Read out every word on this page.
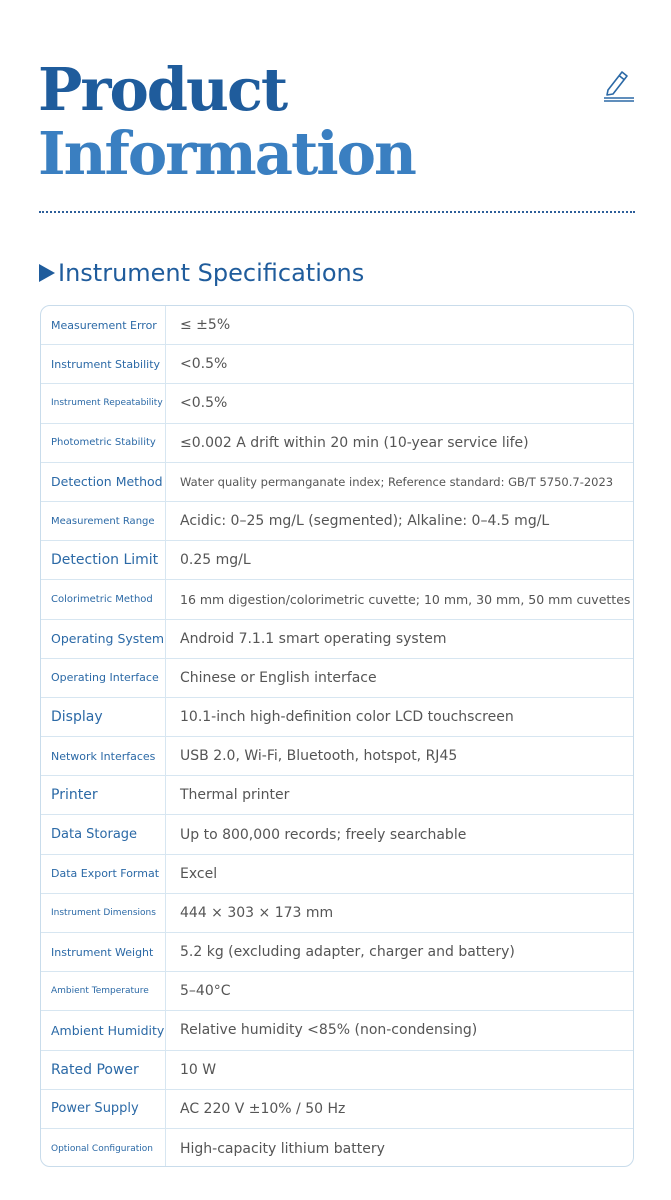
Product
Information
Instrument Specifications
Measurement Error	≤ ±5%
Instrument Stability	<0.5%
Instrument Repeatability	<0.5%
Photometric Stability	≤0.002 A drift within 20 min (10-year service life)
Detection Method	Water quality permanganate index; Reference standard: GB/T 5750.7-2023
Measurement Range	Acidic: 0–25 mg/L (segmented); Alkaline: 0–4.5 mg/L
Detection Limit	0.25 mg/L
Colorimetric Method	16 mm digestion/colorimetric cuvette; 10 mm, 30 mm, 50 mm cuvettes
Operating System	Android 7.1.1 smart operating system
Operating Interface	Chinese or English interface
Display	10.1-inch high-definition color LCD touchscreen
Network Interfaces	USB 2.0, Wi-Fi, Bluetooth, hotspot, RJ45
Printer	Thermal printer
Data Storage	Up to 800,000 records; freely searchable
Data Export Format	Excel
Instrument Dimensions	444 × 303 × 173 mm
Instrument Weight	5.2 kg (excluding adapter, charger and battery)
Ambient Temperature	5–40°C
Ambient Humidity	Relative humidity <85% (non-condensing)
Rated Power	10 W
Power Supply	AC 220 V ±10% / 50 Hz
Optional Configuration	High-capacity lithium battery
